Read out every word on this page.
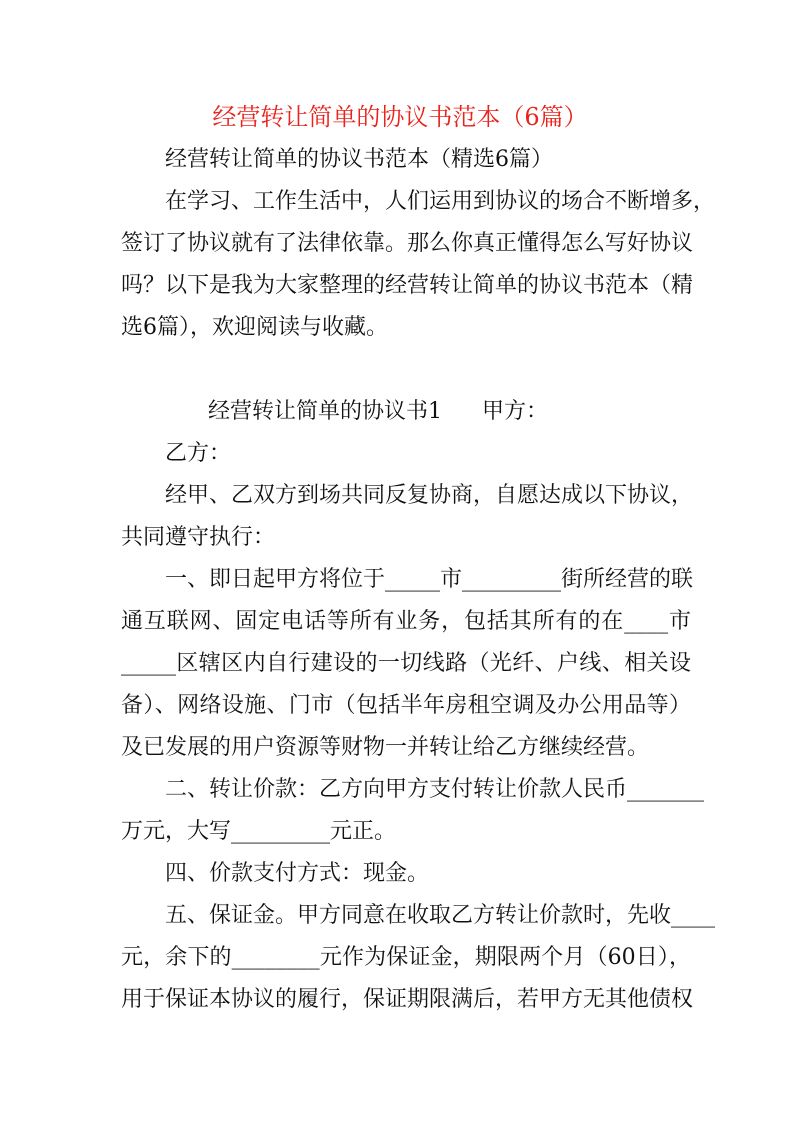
经营转让简单的协议书范本（6篇）
经营转让简单的协议书范本（精选6篇）
在学习、工作生活中，人们运用到协议的场合不断增多，
签订了协议就有了法律依靠。那么你真正懂得怎么写好协议
吗？以下是我为大家整理的经营转让简单的协议书范本（精
选6篇），欢迎阅读与收藏。
经营转让简单的协议书1 甲方：
乙方：
经甲、乙双方到场共同反复协商，自愿达成以下协议，
共同遵守执行：
一、即日起甲方将位于_____市_________街所经营的联
通互联网、固定电话等所有业务，包括其所有的在____市
_____区辖区内自行建设的一切线路（光纤、户线、相关设
备）、网络设施、门市（包括半年房租空调及办公用品等）
及已发展的用户资源等财物一并转让给乙方继续经营。
二、转让价款：乙方向甲方支付转让价款人民币_______
万元，大写_________元正。
四、价款支付方式：现金。
五、保证金。甲方同意在收取乙方转让价款时，先收____
元，余下的________元作为保证金，期限两个月（60日），
用于保证本协议的履行，保证期限满后，若甲方无其他债权
